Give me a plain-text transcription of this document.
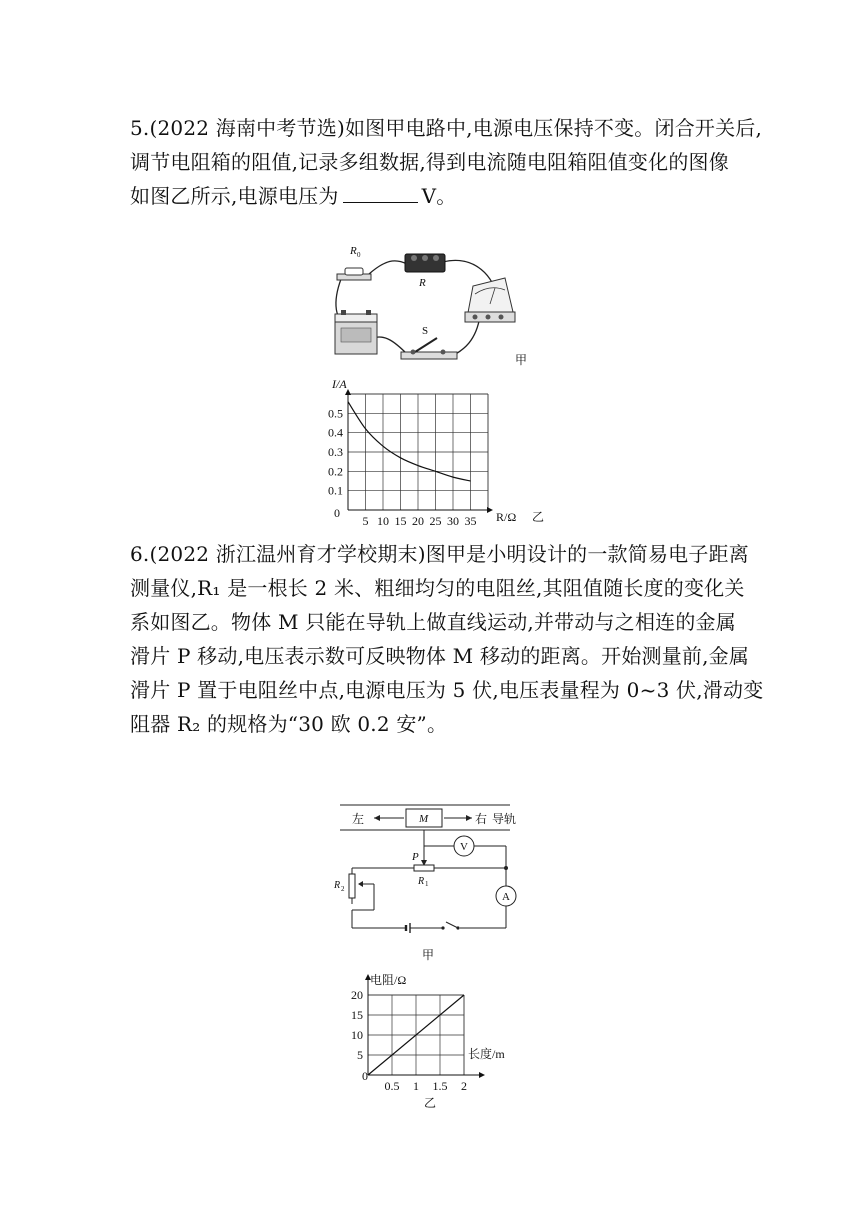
5.(2022 海南中考节选)如图甲电路中,电源电压保持不变。闭合开关后,
调节电阻箱的阻值,记录多组数据,得到电流随电阻箱阻值变化的图像
如图乙所示,电源电压为	V。
R 0
R
S
甲
5 10 15 20 25 30 35
0.1
0.2
0.3
0.4
0.5
I/A
R/Ω 乙
0
6.(2022 浙江温州育才学校期末)图甲是小明设计的一款简易电子距离
测量仪,R₁ 是一根长 2 米、粗细均匀的电阻丝,其阻值随长度的变化关
系如图乙。物体 M 只能在导轨上做直线运动,并带动与之相连的金属
滑片 P 移动,电压表示数可反映物体 M 移动的距离。开始测量前,金属
滑片 P 置于电阻丝中点,电源电压为 5 伏,电压表量程为 0~3 伏,滑动变
阻器 R₂ 的规格为“30 欧 0.2 安”。
M
左	右 导轨
P
V
R 1
A
R 2
甲
0.5 1 1.5 2
5
10
15
20
电阻/Ω
长度/m
0
乙
